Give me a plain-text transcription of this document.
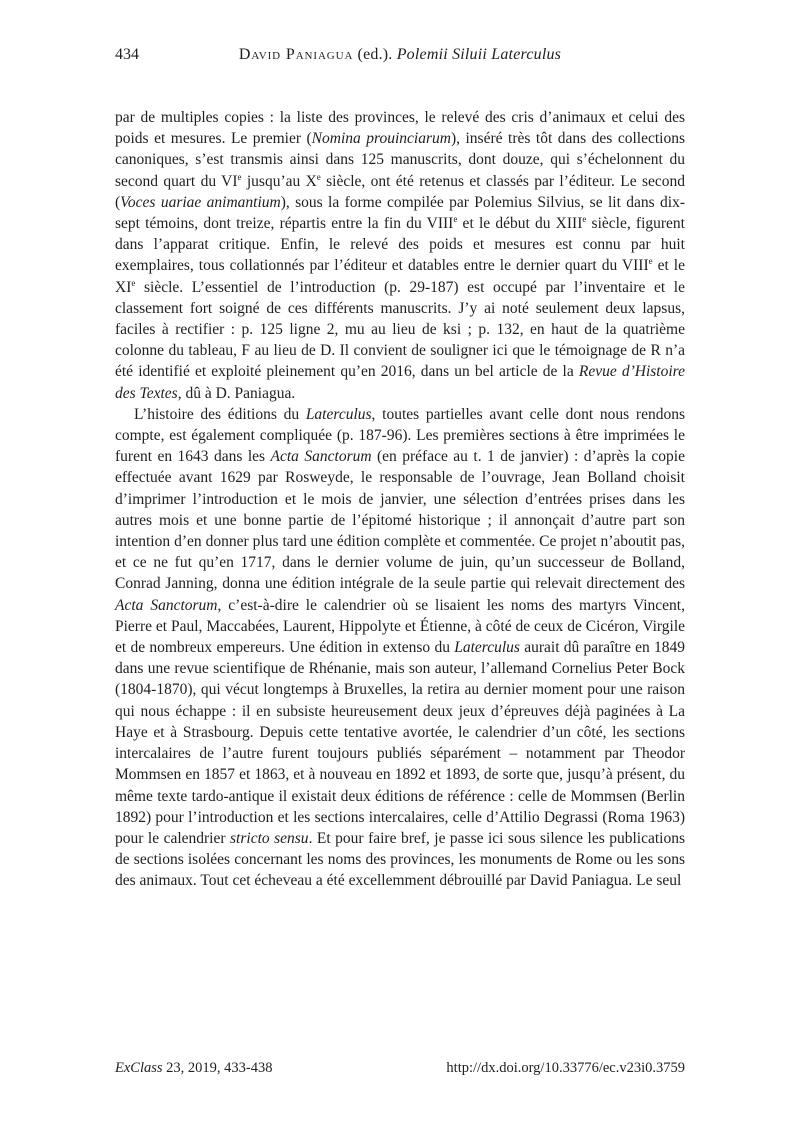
434	David Paniagua (ed.). Polemii Siluii Laterculus

par de multiples copies : la liste des provinces, le relevé des cris d’animaux et celui des poids et mesures. Le premier (Nomina prouinciarum), inséré très tôt dans des collections canoniques, s’est transmis ainsi dans 125 manuscrits, dont douze, qui s’échelonnent du second quart du VIe jusqu’au Xe siècle, ont été retenus et classés par l’éditeur. Le second (Voces uariae animantium), sous la forme compilée par Polemius Silvius, se lit dans dix-sept témoins, dont treize, répartis entre la fin du VIIIe et le début du XIIIe siècle, figurent dans l’apparat critique. Enfin, le relevé des poids et mesures est connu par huit exemplaires, tous collationnés par l’éditeur et datables entre le dernier quart du VIIIe et le XIe siècle. L’essentiel de l’introduction (p. 29-187) est occupé par l’inventaire et le classement fort soigné de ces différents manuscrits. J’y ai noté seulement deux lapsus, faciles à rectifier : p. 125 ligne 2, mu au lieu de ksi ; p. 132, en haut de la quatrième colonne du tableau, F au lieu de D. Il convient de souligner ici que le témoignage de R n’a été identifié et exploité pleinement qu’en 2016, dans un bel article de la Revue d’Histoire des Textes, dû à D. Paniagua.

L’histoire des éditions du Laterculus, toutes partielles avant celle dont nous rendons compte, est également compliquée (p. 187-96). Les premières sections à être imprimées le furent en 1643 dans les Acta Sanctorum (en préface au t. 1 de janvier) : d’après la copie effectuée avant 1629 par Rosweyde, le responsable de l’ouvrage, Jean Bolland choisit d’imprimer l’introduction et le mois de janvier, une sélection d’entrées prises dans les autres mois et une bonne partie de l’épitomé historique ; il annonçait d’autre part son intention d’en donner plus tard une édition complète et commentée. Ce projet n’aboutit pas, et ce ne fut qu’en 1717, dans le dernier volume de juin, qu’un successeur de Bolland, Conrad Janning, donna une édition intégrale de la seule partie qui relevait directement des Acta Sanctorum, c’est-à-dire le calendrier où se lisaient les noms des martyrs Vincent, Pierre et Paul, Maccabées, Laurent, Hippolyte et Étienne, à côté de ceux de Cicéron, Virgile et de nombreux empereurs. Une édition in extenso du Laterculus aurait dû paraître en 1849 dans une revue scientifique de Rhénanie, mais son auteur, l’allemand Cornelius Peter Bock (1804-1870), qui vécut longtemps à Bruxelles, la retira au dernier moment pour une raison qui nous échappe : il en subsiste heureusement deux jeux d’épreuves déjà paginées à La Haye et à Strasbourg. Depuis cette tentative avortée, le calendrier d’un côté, les sections intercalaires de l’autre furent toujours publiés séparément – notamment par Theodor Mommsen en 1857 et 1863, et à nouveau en 1892 et 1893, de sorte que, jusqu’à présent, du même texte tardo-antique il existait deux éditions de référence : celle de Mommsen (Berlin 1892) pour l’introduction et les sections intercalaires, celle d’Attilio Degrassi (Roma 1963) pour le calendrier stricto sensu. Et pour faire bref, je passe ici sous silence les publications de sections isolées concernant les noms des provinces, les monuments de Rome ou les sons des animaux. Tout cet écheveau a été excellemment débrouillé par David Paniagua. Le seul

ExClass 23, 2019, 433-438	http://dx.doi.org/10.33776/ec.v23i0.3759
